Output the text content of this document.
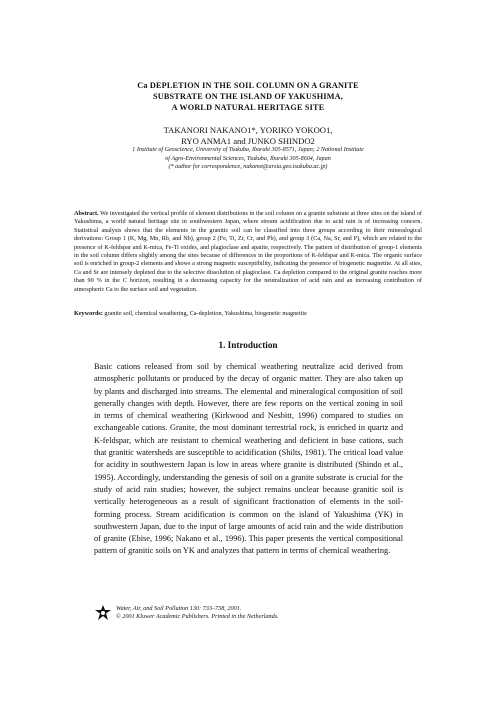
Ca DEPLETION IN THE SOIL COLUMN ON A GRANITE
SUBSTRATE ON THE ISLAND OF YAKUSHIMA,
A WORLD NATURAL HERITAGE SITE
TAKANORI NAKANO1*, YORIKO YOKOO1,
RYO ANMA1 and JUNKO SHINDO2
1 Institute of Geoscience, University of Tsukuba, Ibaraki 305-8571, Japan; 2 National Institute
of Agro-Environmental Sciences, Tsukuba, Ibaraki 305-8604, Japan
(* author for correspondence, nakanot@arsia.geo.tsukuba.ac.jp)
Abstract. We investigated the vertical profile of element distributions in the soil column on a granite substrate at three sites on the island of Yakushima, a world natural heritage site in southwestern Japan, where stream acidification due to acid rain is of increasing concern. Statistical analysis shows that the elements in the granitic soil can be classified into three groups according to their mineralogical derivations: Group 1 (K, Mg, Mn, Rb, and Nb), group 2 (Fe, Ti, Zr, Cr, and Pb), and group 3 (Ca, Na, Sr, and P), which are related to the presence of K-feldspar and K-mica, Fe-Ti oxides, and plagioclase and apatite, respectively. The pattern of distribution of group-1 elements in the soil column differs slightly among the sites because of differences in the proportions of K-feldspar and K-mica. The organic surface soil is enriched in group-2 elements and shows a strong magnetic susceptibility, indicating the presence of biogenetic magnetite. At all sites, Ca and Sr are intensely depleted due to the selective dissolution of plagioclase. Ca depletion compared to the original granite reaches more than 90 % in the C horizon, resulting in a decreasing capacity for the neutralization of acid rain and an increasing contribution of atmospheric Ca to the surface soil and vegetation.
Keywords: granite soil, chemical weathering, Ca-depletion, Yakushima, biogenetic magnetite
1. Introduction
Basic cations released from soil by chemical weathering neutralize acid derived from atmospheric pollutants or produced by the decay of organic matter. They are also taken up by plants and discharged into streams. The elemental and mineralogical composition of soil generally changes with depth. However, there are few reports on the vertical zoning in soil in terms of chemical weathering (Kirkwood and Nesbitt, 1996) compared to studies on exchangeable cations. Granite, the most dominant terrestrial rock, is enriched in quartz and K-feldspar, which are resistant to chemical weathering and deficient in base cations, such that granitic watersheds are susceptible to acidification (Shilts, 1981). The critical load value for acidity in southwestern Japan is low in areas where granite is distributed (Shindo et al., 1995). Accordingly, understanding the genesis of soil on a granite substrate is crucial for the study of acid rain studies; however, the subject remains unclear because granitic soil is vertically heterogeneous as a result of significant fractionation of elements in the soil-forming process. Stream acidification is common on the island of Yakushima (YK) in southwestern Japan, due to the input of large amounts of acid rain and the wide distribution of granite (Ebise, 1996; Nakano et al., 1996). This paper presents the vertical compositional pattern of granitic soils on YK and analyzes that pattern in terms of chemical weathering.
Water, Air, and Soil Pollution 130: 733–738, 2001.
© 2001 Kluwer Academic Publishers. Printed in the Netherlands.
